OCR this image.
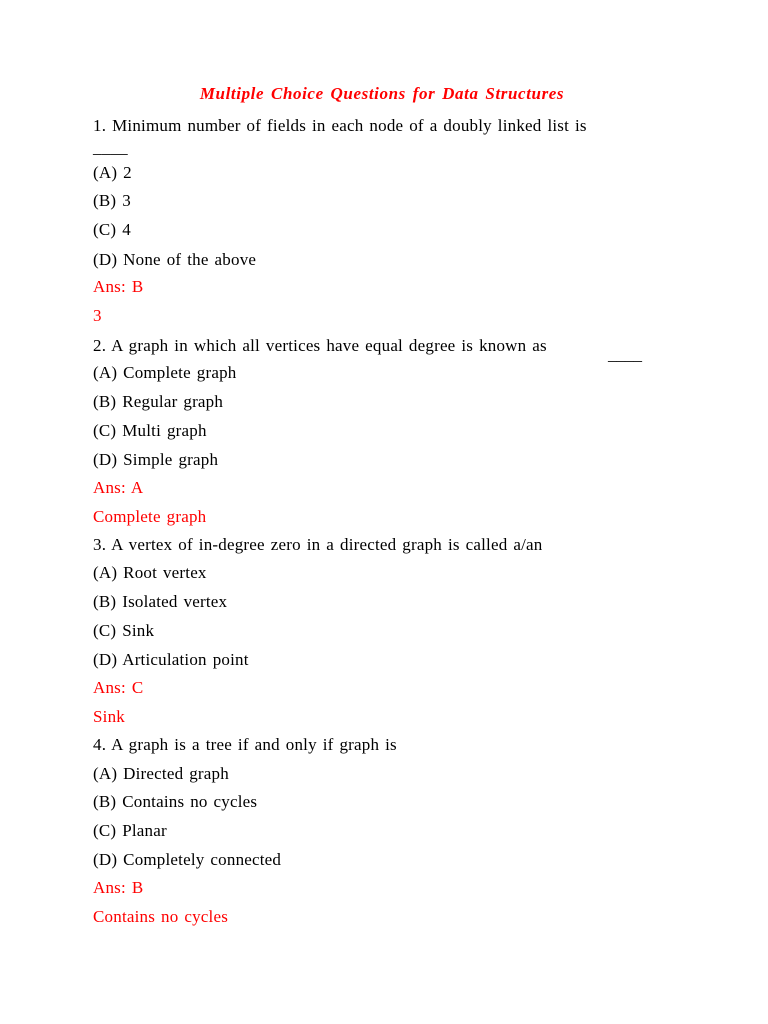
Multiple Choice Questions for Data Structures
1. Minimum number of fields in each node of a doubly linked list is
____
(A) 2
(B) 3
(C) 4
(D) None of the above
Ans: B
3
2. A graph in which all vertices have equal degree is known as	____
(A) Complete graph
(B) Regular graph
(C) Multi graph
(D) Simple graph
Ans: A
Complete graph
3. A vertex of in-degree zero in a directed graph is called a/an
(A) Root vertex
(B) Isolated vertex
(C) Sink
(D) Articulation point
Ans: C
Sink
4. A graph is a tree if and only if graph is
(A) Directed graph
(B) Contains no cycles
(C) Planar
(D) Completely connected
Ans: B
Contains no cycles
